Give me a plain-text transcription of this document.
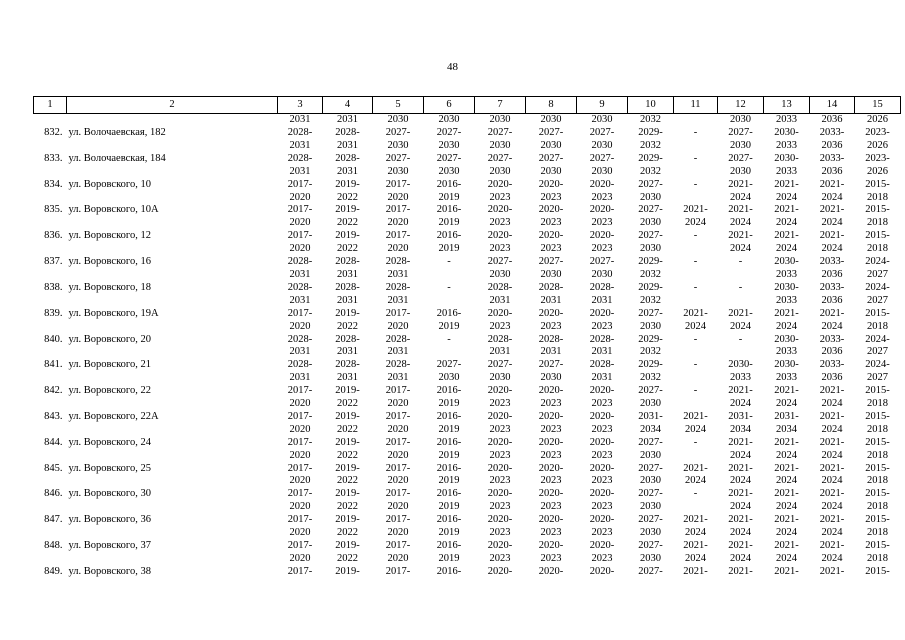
48
1	2	3	4	5	6	7	8	9	10	11	12	13	14	15
		2031	2031	2030	2030	2030	2030	2030	2032		2030	2033	2036	2026
832.	ул. Волочаевская, 182	2028-	2028-	2027-	2027-	2027-	2027-	2027-	2029-	-	2027-	2030-	2033-	2023-
		2031	2031	2030	2030	2030	2030	2030	2032		2030	2033	2036	2026
833.	ул. Волочаевская, 184	2028-	2028-	2027-	2027-	2027-	2027-	2027-	2029-	-	2027-	2030-	2033-	2023-
		2031	2031	2030	2030	2030	2030	2030	2032		2030	2033	2036	2026
834.	ул. Воровского, 10	2017-	2019-	2017-	2016-	2020-	2020-	2020-	2027-	-	2021-	2021-	2021-	2015-
		2020	2022	2020	2019	2023	2023	2023	2030		2024	2024	2024	2018
835.	ул. Воровского, 10А	2017-	2019-	2017-	2016-	2020-	2020-	2020-	2027-	2021-	2021-	2021-	2021-	2015-
		2020	2022	2020	2019	2023	2023	2023	2030	2024	2024	2024	2024	2018
836.	ул. Воровского, 12	2017-	2019-	2017-	2016-	2020-	2020-	2020-	2027-	-	2021-	2021-	2021-	2015-
		2020	2022	2020	2019	2023	2023	2023	2030		2024	2024	2024	2018
837.	ул. Воровского, 16	2028-	2028-	2028-	-	2027-	2027-	2027-	2029-	-	-	2030-	2033-	2024-
		2031	2031	2031		2030	2030	2030	2032			2033	2036	2027
838.	ул. Воровского, 18	2028-	2028-	2028-	-	2028-	2028-	2028-	2029-	-	-	2030-	2033-	2024-
		2031	2031	2031		2031	2031	2031	2032			2033	2036	2027
839.	ул. Воровского, 19А	2017-	2019-	2017-	2016-	2020-	2020-	2020-	2027-	2021-	2021-	2021-	2021-	2015-
		2020	2022	2020	2019	2023	2023	2023	2030	2024	2024	2024	2024	2018
840.	ул. Воровского, 20	2028-	2028-	2028-	-	2028-	2028-	2028-	2029-	-	-	2030-	2033-	2024-
		2031	2031	2031		2031	2031	2031	2032			2033	2036	2027
841.	ул. Воровского, 21	2028-	2028-	2028-	2027-	2027-	2027-	2028-	2029-	-	2030-	2030-	2033-	2024-
		2031	2031	2031	2030	2030	2030	2031	2032		2033	2033	2036	2027
842.	ул. Воровского, 22	2017-	2019-	2017-	2016-	2020-	2020-	2020-	2027-	-	2021-	2021-	2021-	2015-
		2020	2022	2020	2019	2023	2023	2023	2030		2024	2024	2024	2018
843.	ул. Воровского, 22А	2017-	2019-	2017-	2016-	2020-	2020-	2020-	2031-	2021-	2031-	2031-	2021-	2015-
		2020	2022	2020	2019	2023	2023	2023	2034	2024	2034	2034	2024	2018
844.	ул. Воровского, 24	2017-	2019-	2017-	2016-	2020-	2020-	2020-	2027-	-	2021-	2021-	2021-	2015-
		2020	2022	2020	2019	2023	2023	2023	2030		2024	2024	2024	2018
845.	ул. Воровского, 25	2017-	2019-	2017-	2016-	2020-	2020-	2020-	2027-	2021-	2021-	2021-	2021-	2015-
		2020	2022	2020	2019	2023	2023	2023	2030	2024	2024	2024	2024	2018
846.	ул. Воровского, 30	2017-	2019-	2017-	2016-	2020-	2020-	2020-	2027-	-	2021-	2021-	2021-	2015-
		2020	2022	2020	2019	2023	2023	2023	2030		2024	2024	2024	2018
847.	ул. Воровского, 36	2017-	2019-	2017-	2016-	2020-	2020-	2020-	2027-	2021-	2021-	2021-	2021-	2015-
		2020	2022	2020	2019	2023	2023	2023	2030	2024	2024	2024	2024	2018
848.	ул. Воровского, 37	2017-	2019-	2017-	2016-	2020-	2020-	2020-	2027-	2021-	2021-	2021-	2021-	2015-
		2020	2022	2020	2019	2023	2023	2023	2030	2024	2024	2024	2024	2018
849.	ул. Воровского, 38	2017-	2019-	2017-	2016-	2020-	2020-	2020-	2027-	2021-	2021-	2021-	2021-	2015-
